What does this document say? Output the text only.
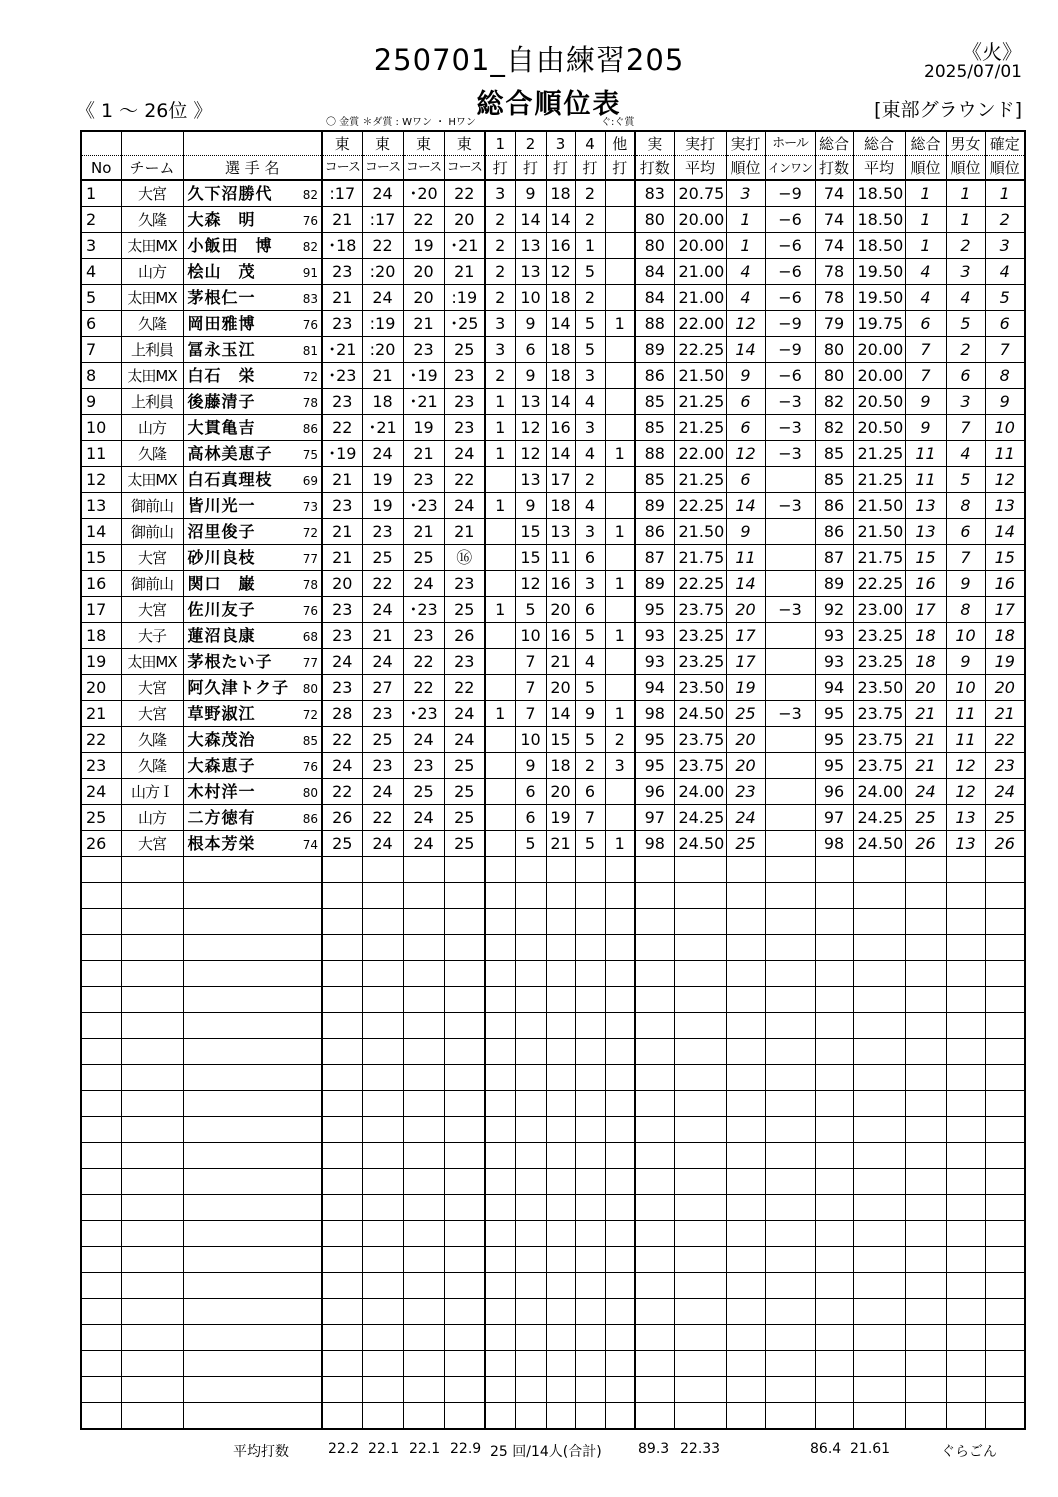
250701_自由練習205
総合順位表
《火》
2025/07/01
《 1 ～ 26位 》	[東部グラウンド]
〇 金賞 ＊ダ賞 : Wワン ・ Hワン	ぐ:ぐ賞
			東	東	東	東	1	2	3	4	他	実	実打	実打	ホール	総合	総合	総合	男女	確定
No	チーム	選 手 名	コース	コース	コース	コース	打	打	打	打	打	打数	平均	順位	インワン	打数	平均	順位	順位	順位
1	大宮	久下沼勝代 82	:17	24	･20	22	3	9	18	2		83	20.75	3	−9	74	18.50	1	1	1
2	久隆	大森　明 76	21	:17	22	20	2	14	14	2		80	20.00	1	−6	74	18.50	1	1	2
3	太田MX	小飯田　博 82	･18	22	19	･21	2	13	16	1		80	20.00	1	−6	74	18.50	1	2	3
4	山方	桧山　茂 91	23	:20	20	21	2	13	12	5		84	21.00	4	−6	78	19.50	4	3	4
5	太田MX	茅根仁一 83	21	24	20	:19	2	10	18	2		84	21.00	4	−6	78	19.50	4	4	5
6	久隆	岡田雅博 76	23	:19	21	･25	3	9	14	5	1	88	22.00	12	−9	79	19.75	6	5	6
7	上利員	冨永玉江 81	･21	:20	23	25	3	6	18	5		89	22.25	14	−9	80	20.00	7	2	7
8	太田MX	白石　栄 72	･23	21	･19	23	2	9	18	3		86	21.50	9	−6	80	20.00	7	6	8
9	上利員	後藤清子 78	23	18	･21	23	1	13	14	4		85	21.25	6	−3	82	20.50	9	3	9
10	山方	大貫亀吉 86	22	･21	19	23	1	12	16	3		85	21.25	6	−3	82	20.50	9	7	10
11	久隆	高林美恵子 75	･19	24	21	24	1	12	14	4	1	88	22.00	12	−3	85	21.25	11	4	11
12	太田MX	白石真理枝 69	21	19	23	22		13	17	2		85	21.25	6		85	21.25	11	5	12
13	御前山	皆川光一 73	23	19	･23	24	1	9	18	4		89	22.25	14	−3	86	21.50	13	8	13
14	御前山	沼里俊子 72	21	23	21	21		15	13	3	1	86	21.50	9		86	21.50	13	6	14
15	大宮	砂川良枝 77	21	25	25	⑯		15	11	6		87	21.75	11		87	21.75	15	7	15
16	御前山	関口　巌 78	20	22	24	23		12	16	3	1	89	22.25	14		89	22.25	16	9	16
17	大宮	佐川友子 76	23	24	･23	25	1	5	20	6		95	23.75	20	−3	92	23.00	17	8	17
18	大子	蓮沼良康 68	23	21	23	26		10	16	5	1	93	23.25	17		93	23.25	18	10	18
19	太田MX	茅根たい子 77	24	24	22	23		7	21	4		93	23.25	17		93	23.25	18	9	19
20	大宮	阿久津トク子 80	23	27	22	22		7	20	5		94	23.50	19		94	23.50	20	10	20
21	大宮	草野淑江 72	28	23	･23	24	1	7	14	9	1	98	24.50	25	−3	95	23.75	21	11	21
22	久隆	大森茂治 85	22	25	24	24		10	15	5	2	95	23.75	20		95	23.75	21	11	22
23	久隆	大森恵子 76	24	23	23	25		9	18	2	3	95	23.75	20		95	23.75	21	12	23
24	山方Ｉ	木村洋一 80	22	24	25	25		6	20	6		96	24.00	23		96	24.00	24	12	24
25	山方	二方徳有 86	26	22	24	25		6	19	7		97	24.25	24		97	24.25	25	13	25
26	大宮	根本芳栄 74	25	24	24	25		5	21	5	1	98	24.50	25		98	24.50	26	13	26

平均打数	22.2 22.1 22.1 22.9 25 回/14人(合計)	89.3 22.33	86.4 21.61	ぐらごん
